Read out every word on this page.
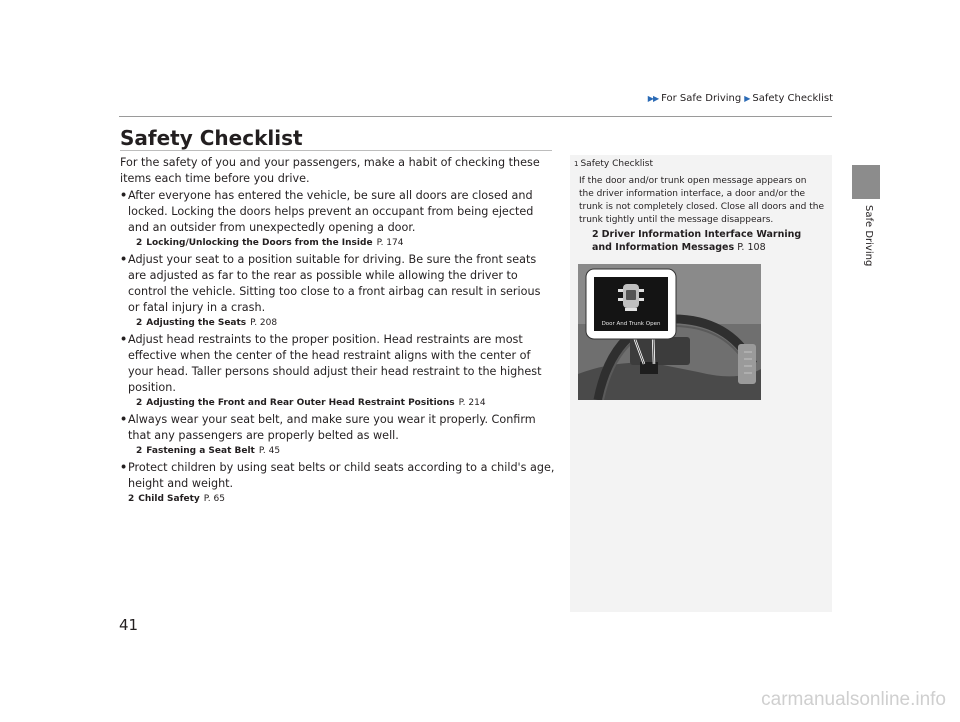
▶▶ For Safe Driving ▶ Safety Checklist
Safe Driving
Safety Checklist

For the safety of you and your passengers, make a habit of checking these items each time before you drive.

• After everyone has entered the vehicle, be sure all doors are closed and locked. Locking the doors helps prevent an occupant from being ejected and an outsider from unexpectedly opening a door.
2 Locking/Unlocking the Doors from the Inside P. 174
• Adjust your seat to a position suitable for driving. Be sure the front seats are adjusted as far to the rear as possible while allowing the driver to control the vehicle. Sitting too close to a front airbag can result in serious or fatal injury in a crash.
2 Adjusting the Seats P. 208
• Adjust head restraints to the proper position. Head restraints are most effective when the center of the head restraint aligns with the center of your head. Taller persons should adjust their head restraint to the highest position.
2 Adjusting the Front and Rear Outer Head Restraint Positions P. 214
• Always wear your seat belt, and make sure you wear it properly. Confirm that any passengers are properly belted as well.
2 Fastening a Seat Belt P. 45
• Protect children by using seat belts or child seats according to a child's age, height and weight.
2 Child Safety P. 65
1 Safety Checklist
If the door and/or trunk open message appears on the driver information interface, a door and/or the trunk is not completely closed. Close all doors and the trunk tightly until the message disappears.
2 Driver Information Interface Warning and Information Messages P. 108
Door And Trunk Open
41
carmanualsonline.info
